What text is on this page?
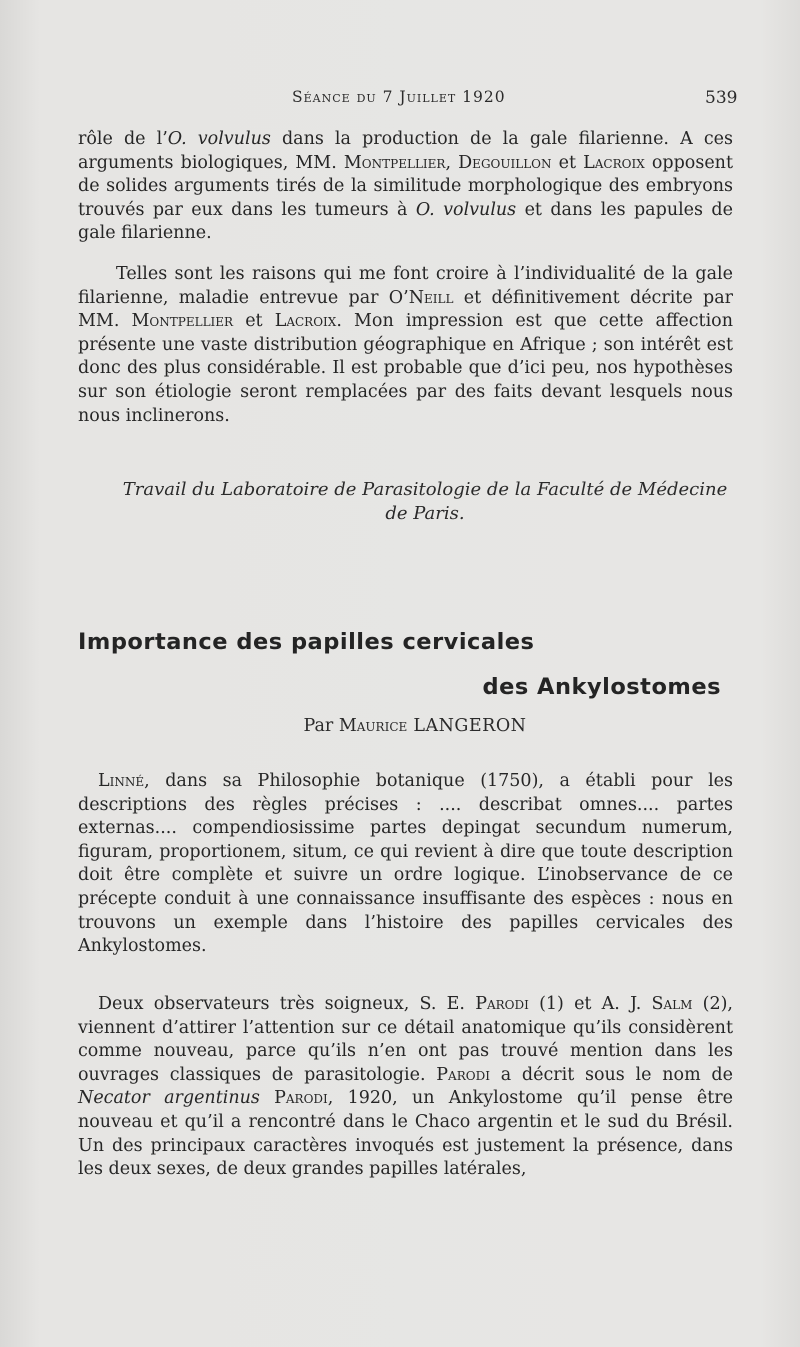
Séance du 7 Juillet 1920	539

rôle de l’O. volvulus dans la production de la gale filarienne. A ces arguments biologiques, MM. Montpellier, Degouillon et Lacroix opposent de solides arguments tirés de la similitude morphologique des embryons trouvés par eux dans les tumeurs à O. volvulus et dans les papules de gale filarienne.

Telles sont les raisons qui me font croire à l’individualité de la gale filarienne, maladie entrevue par O’Neill et définitivement décrite par MM. Montpellier et Lacroix. Mon impression est que cette affection présente une vaste distribution géographique en Afrique ; son intérêt est donc des plus considérable. Il est probable que d’ici peu, nos hypothèses sur son étiologie seront remplacées par des faits devant lesquels nous nous inclinerons.

Travail du Laboratoire de Parasitologie de la Faculté de Médecine de Paris.
Importance des papilles cervicales
des Ankylostomes
Par Maurice LANGERON

Linné, dans sa Philosophie botanique (1750), a établi pour les descriptions des règles précises : .... describat omnes.... partes externas.... compendiosissime partes depingat secundum numerum, figuram, proportionem, situm, ce qui revient à dire que toute description doit être complète et suivre un ordre logique. L’inobservance de ce précepte conduit à une connaissance insuffisante des espèces : nous en trouvons un exemple dans l’histoire des papilles cervicales des Ankylostomes.

Deux observateurs très soigneux, S. E. Parodi (1) et A. J. Salm (2), viennent d’attirer l’attention sur ce détail anatomique qu’ils considèrent comme nouveau, parce qu’ils n’en ont pas trouvé mention dans les ouvrages classiques de parasitologie. Parodi a décrit sous le nom de Necator argentinus Parodi, 1920, un Ankylostome qu’il pense être nouveau et qu’il a rencontré dans le Chaco argentin et le sud du Brésil. Un des principaux caractères invoqués est justement la présence, dans les deux sexes, de deux grandes papilles latérales,
